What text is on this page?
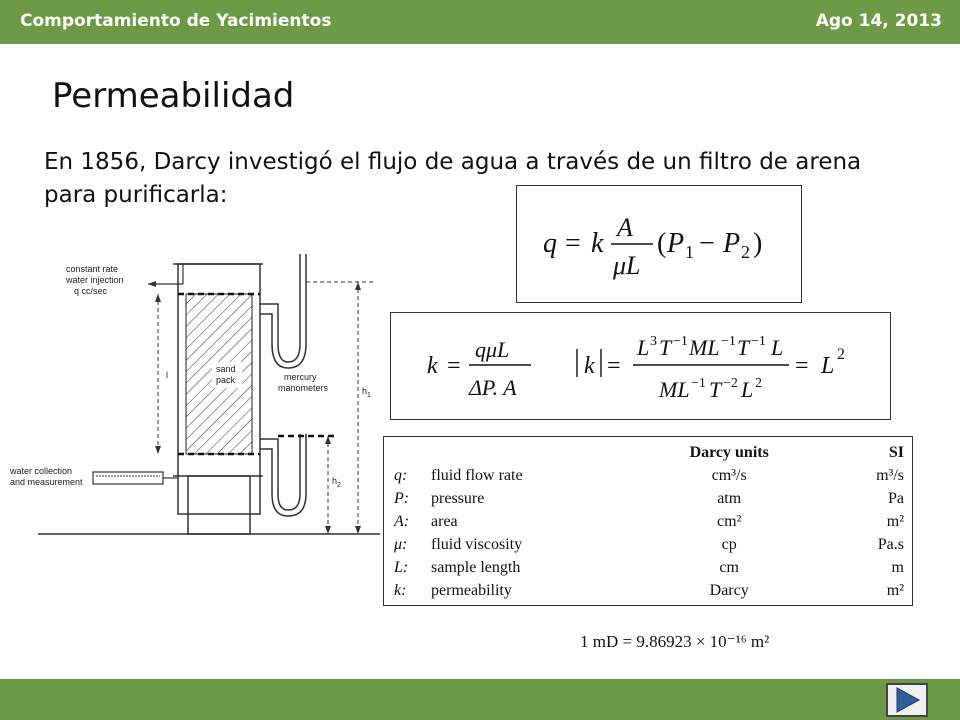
Comportamiento de Yacimientos	Ago 14, 2013
Permeabilidad
En 1856, Darcy investigó el flujo de agua a través de un filtro de arena para purificarla:
constant rate
water injection
q cc/sec
sand
pack	mercury
manometers
water collection
and measurement
l
h 1
h 2
q = k
A
μL
( P 1 − P 2 )
k =
qμL
ΔP. A
k =
L 3 T −1 ML −1 T −1 L
ML −1 T −2 L 2
= L 2
		Darcy units	SI
q:	fluid flow rate	cm³/s	m³/s
P:	pressure	atm	Pa
A:	area	cm²	m²
μ:	fluid viscosity	cp	Pa.s
L:	sample length	cm	m
k:	permeability	Darcy	m²
1 mD = 9.86923 × 10⁻¹⁶ m²
